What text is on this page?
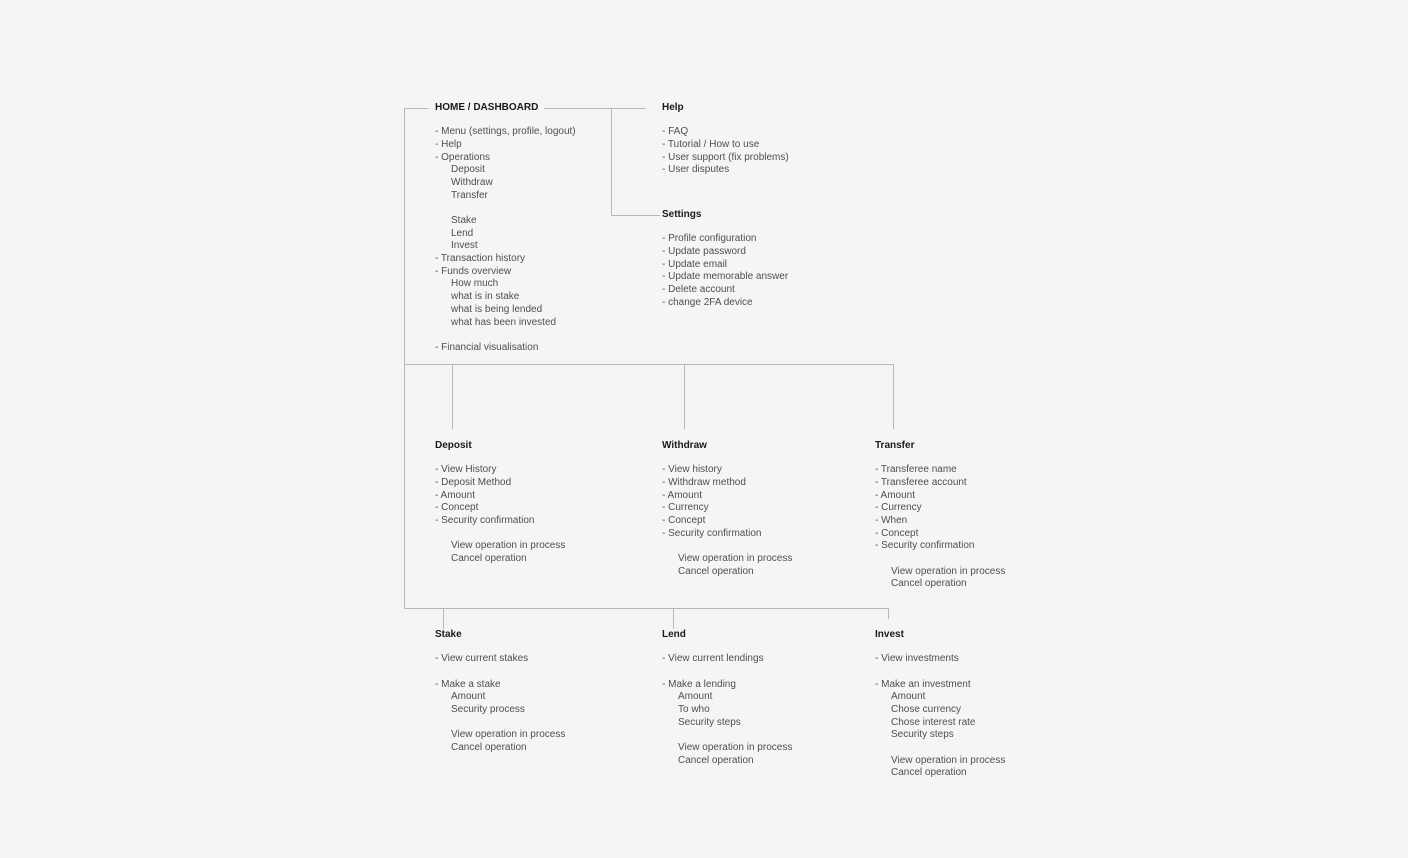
HOME / DASHBOARD
- Menu (settings, profile, logout)
- Help
- Operations
Deposit
Withdraw
Transfer
Stake
Lend
Invest
- Transaction history
- Funds overview
How much
what is in stake
what is being lended
what has been invested
- Financial visualisation
Help
- FAQ
- Tutorial / How to use
- User support (fix problems)
- User disputes
Settings
- Profile configuration
- Update password
- Update email
- Update memorable answer
- Delete account
- change 2FA device
Deposit
- View History
- Deposit Method
- Amount
- Concept
- Security confirmation
View operation in process
Cancel operation
Withdraw
- View history
- Withdraw method
- Amount
- Currency
- Concept
- Security confirmation
View operation in process
Cancel operation
Transfer
- Transferee name
- Transferee account
- Amount
- Currency
- When
- Concept
- Security confirmation
View operation in process
Cancel operation
Stake
- View current stakes
- Make a stake
Amount
Security process
View operation in process
Cancel operation
Lend
- View current lendings
- Make a lending
Amount
To who
Security steps
View operation in process
Cancel operation
Invest
- View investments
- Make an investment
Amount
Chose currency
Chose interest rate
Security steps
View operation in process
Cancel operation
